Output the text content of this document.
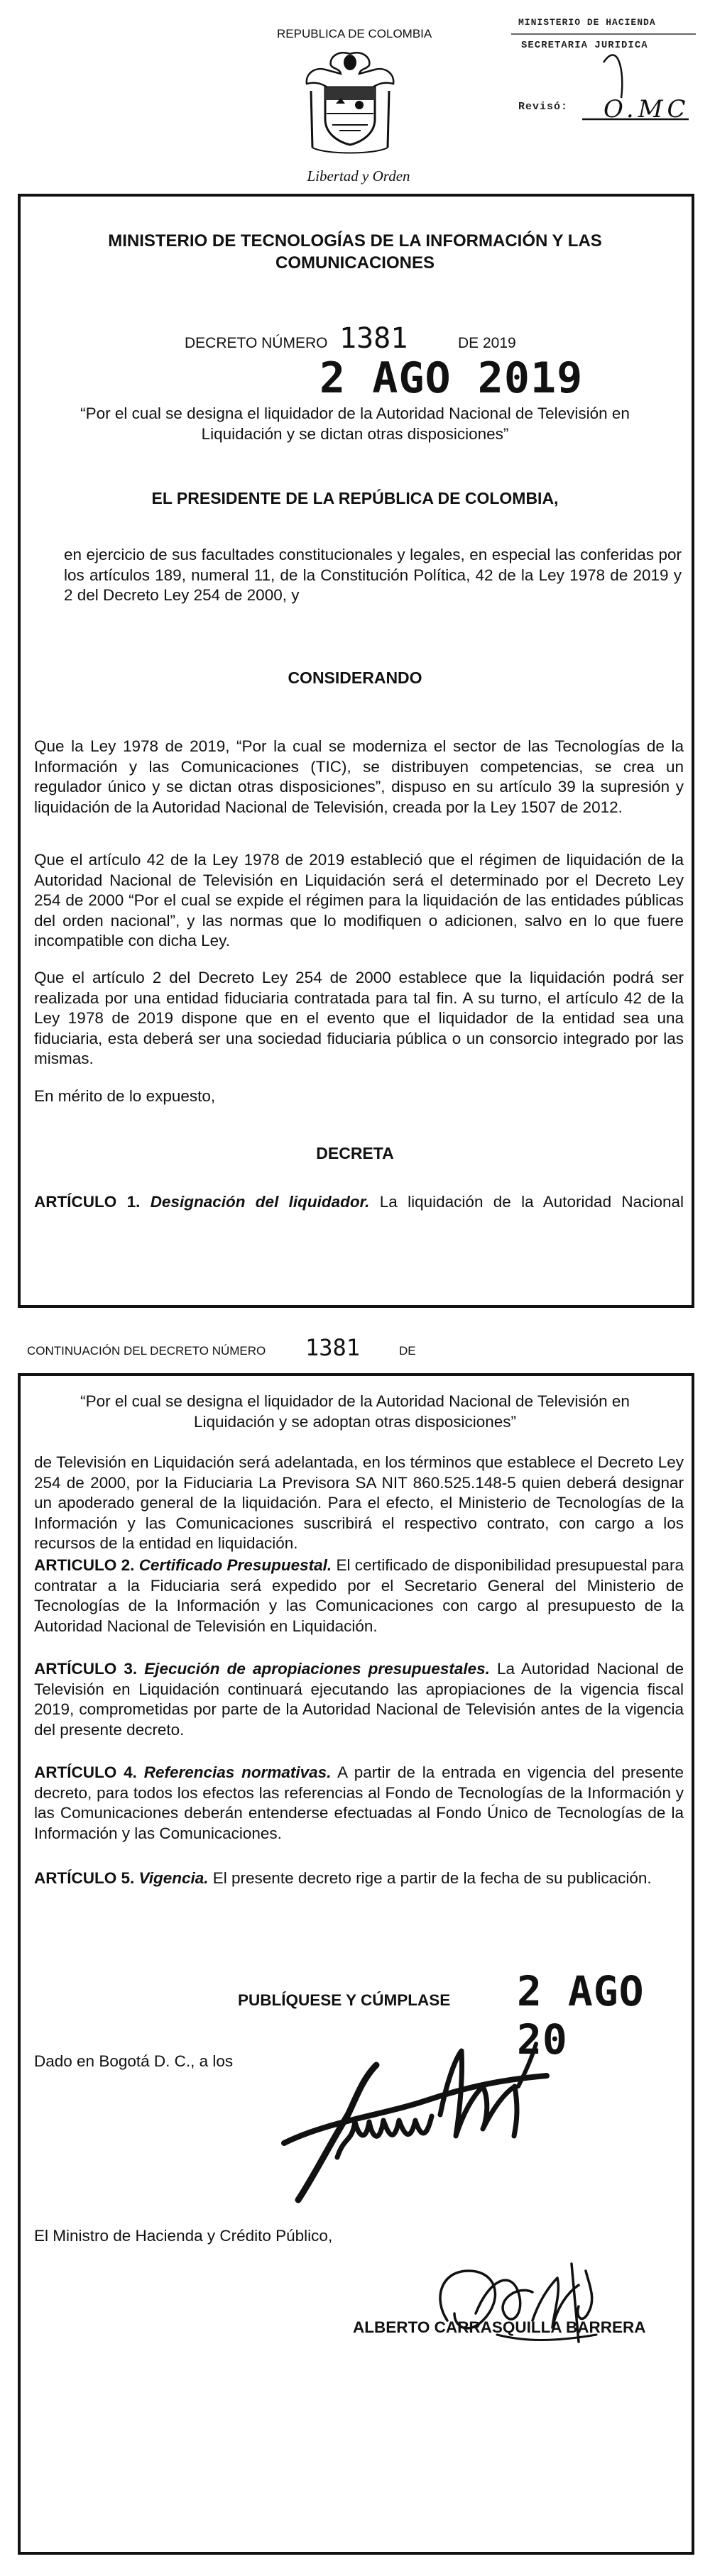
REPUBLICA DE COLOMBIA
Libertad y Orden
MINISTERIO DE HACIENDA
SECRETARIA JURIDICA
Revisó: O.MC
MINISTERIO DE TECNOLOGÍAS DE LA INFORMACIÓN Y LAS COMUNICACIONES
DECRETO NÚMERO 1381	DE 2019
2 AGO 2019
“Por el cual se designa el liquidador de la Autoridad Nacional de Televisión en Liquidación y se dictan otras disposiciones”
EL PRESIDENTE DE LA REPÚBLICA DE COLOMBIA,
en ejercicio de sus facultades constitucionales y legales, en especial las conferidas por los artículos 189, numeral 11, de la Constitución Política, 42 de la Ley 1978 de 2019 y 2 del Decreto Ley 254 de 2000, y
CONSIDERANDO
Que la Ley 1978 de 2019, “Por la cual se moderniza el sector de las Tecnologías de la Información y las Comunicaciones (TIC), se distribuyen competencias, se crea un regulador único y se dictan otras disposiciones”, dispuso en su artículo 39 la supresión y liquidación de la Autoridad Nacional de Televisión, creada por la Ley 1507 de 2012.
Que el artículo 42 de la Ley 1978 de 2019 estableció que el régimen de liquidación de la Autoridad Nacional de Televisión en Liquidación será el determinado por el Decreto Ley 254 de 2000 “Por el cual se expide el régimen para la liquidación de las entidades públicas del orden nacional”, y las normas que lo modifiquen o adicionen, salvo en lo que fuere incompatible con dicha Ley.
Que el artículo 2 del Decreto Ley 254 de 2000 establece que la liquidación podrá ser realizada por una entidad fiduciaria contratada para tal fin. A su turno, el artículo 42 de la Ley 1978 de 2019 dispone que en el evento que el liquidador de la entidad sea una fiduciaria, esta deberá ser una sociedad fiduciaria pública o un consorcio integrado por las mismas.
En mérito de lo expuesto,
DECRETA
ARTÍCULO 1. Designación del liquidador. La liquidación de la Autoridad Nacional
CONTINUACIÓN DEL DECRETO NÚMERO 1381	DE
“Por el cual se designa el liquidador de la Autoridad Nacional de Televisión en Liquidación y se adoptan otras disposiciones”
de Televisión en Liquidación será adelantada, en los términos que establece el Decreto Ley 254 de 2000, por la Fiduciaria La Previsora SA NIT 860.525.148-5 quien deberá designar un apoderado general de la liquidación. Para el efecto, el Ministerio de Tecnologías de la Información y las Comunicaciones suscribirá el respectivo contrato, con cargo a los recursos de la entidad en liquidación.
ARTICULO 2. Certificado Presupuestal. El certificado de disponibilidad presupuestal para contratar a la Fiduciaria será expedido por el Secretario General del Ministerio de Tecnologías de la Información y las Comunicaciones con cargo al presupuesto de la Autoridad Nacional de Televisión en Liquidación.
ARTÍCULO 3. Ejecución de apropiaciones presupuestales. La Autoridad Nacional de Televisión en Liquidación continuará ejecutando las apropiaciones de la vigencia fiscal 2019, comprometidas por parte de la Autoridad Nacional de Televisión antes de la vigencia del presente decreto.
ARTÍCULO 4. Referencias normativas. A partir de la entrada en vigencia del presente decreto, para todos los efectos las referencias al Fondo de Tecnologías de la Información y las Comunicaciones deberán entenderse efectuadas al Fondo Único de Tecnologías de la Información y las Comunicaciones.
ARTÍCULO 5. Vigencia. El presente decreto rige a partir de la fecha de su publicación.
PUBLÍQUESE Y CÚMPLASE 2 AGO 20
Dado en Bogotá D. C., a los
El Ministro de Hacienda y Crédito Público,
ALBERTO CARRASQUILLA BARRERA
